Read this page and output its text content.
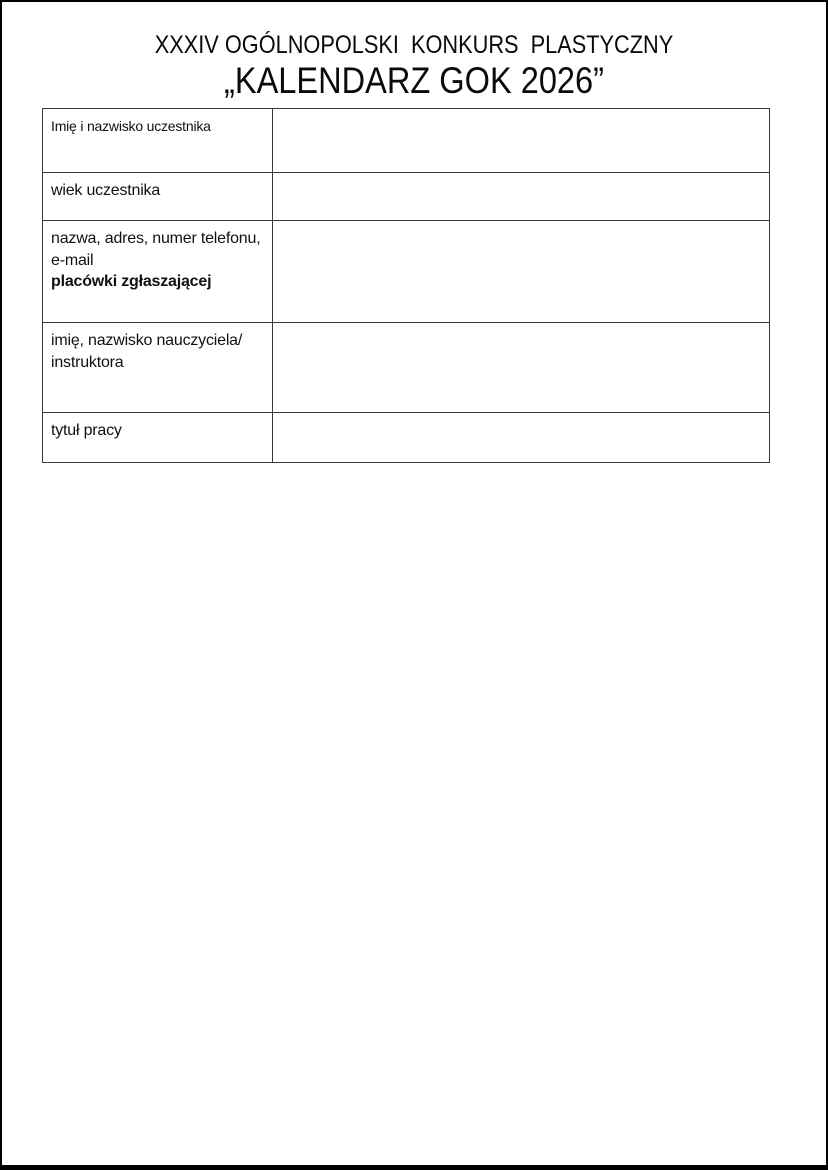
XXXIV OGÓLNOPOLSKI  KONKURS  PLASTYCZNY
„KALENDARZ GOK 2026”
Imię i nazwisko uczestnika	
wiek uczestnika	
nazwa, adres, numer telefonu, e-mail
placówki zgłaszającej	

imię, nazwisko nauczyciela/ instruktora	
tytuł pracy	
